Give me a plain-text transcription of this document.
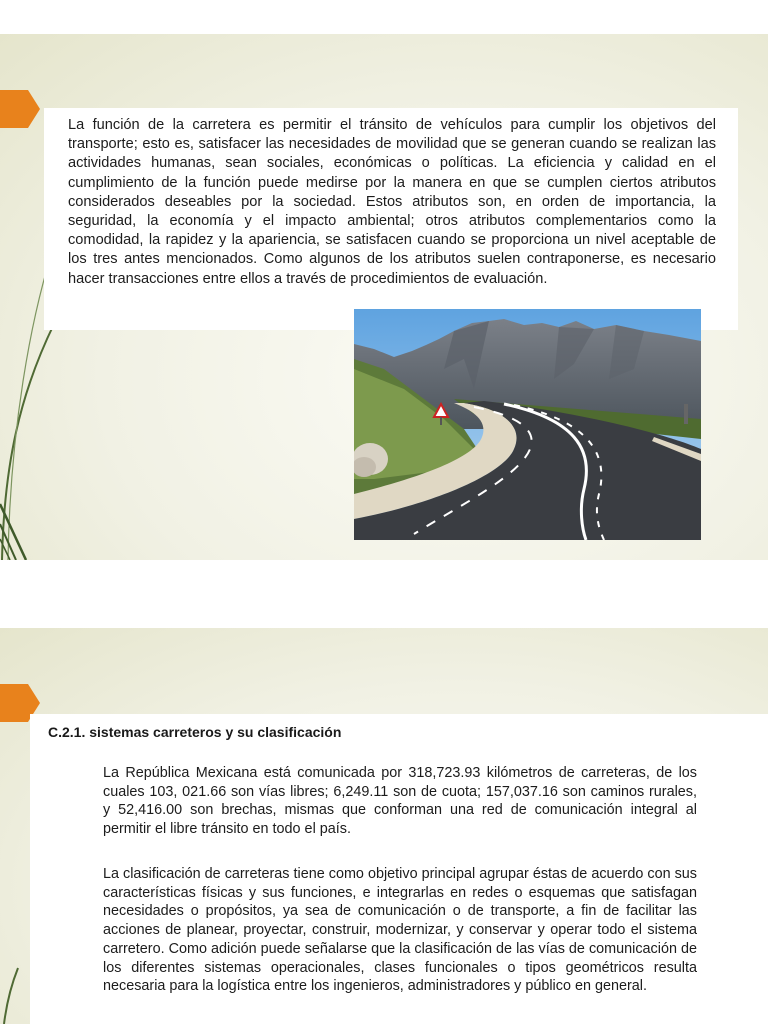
La función de la carretera es permitir el tránsito de vehículos para cumplir los objetivos del transporte; esto es, satisfacer las necesidades de movilidad que se generan cuando se realizan las actividades humanas, sean sociales, económicas o políticas. La eficiencia y calidad en el cumplimiento de la función puede medirse por la manera en que se cumplen ciertos atributos considerados deseables por la sociedad. Estos atributos son, en orden de importancia, la seguridad, la economía y el impacto ambiental; otros atributos complementarios como la comodidad, la rapidez y la apariencia, se satisfacen cuando se proporciona un nivel aceptable de los tres antes mencionados. Como algunos de los atributos suelen contraponerse, es necesario hacer transacciones entre ellos a través de procedimientos de evaluación.

C.2.1. sistemas carreteros y su clasificación

La República Mexicana está comunicada por 318,723.93 kilómetros de carreteras, de los cuales 103, 021.66 son vías libres; 6,249.11 son de cuota; 157,037.16 son caminos rurales, y 52,416.00 son brechas, mismas que conforman una red de comunicación integral al permitir el libre tránsito en todo el país.

La clasificación de carreteras tiene como objetivo principal agrupar éstas de acuerdo con sus características físicas y sus funciones, e integrarlas en redes o esquemas que satisfagan necesidades o propósitos, ya sea de comunicación o de transporte, a fin de facilitar las acciones de planear, proyectar, construir, modernizar, y conservar y operar todo el sistema carretero. Como adición puede señalarse que la clasificación de las vías de comunicación de los diferentes sistemas operacionales, clases funcionales o tipos geométricos resulta necesaria para la logística entre los ingenieros, administradores y público en general.
